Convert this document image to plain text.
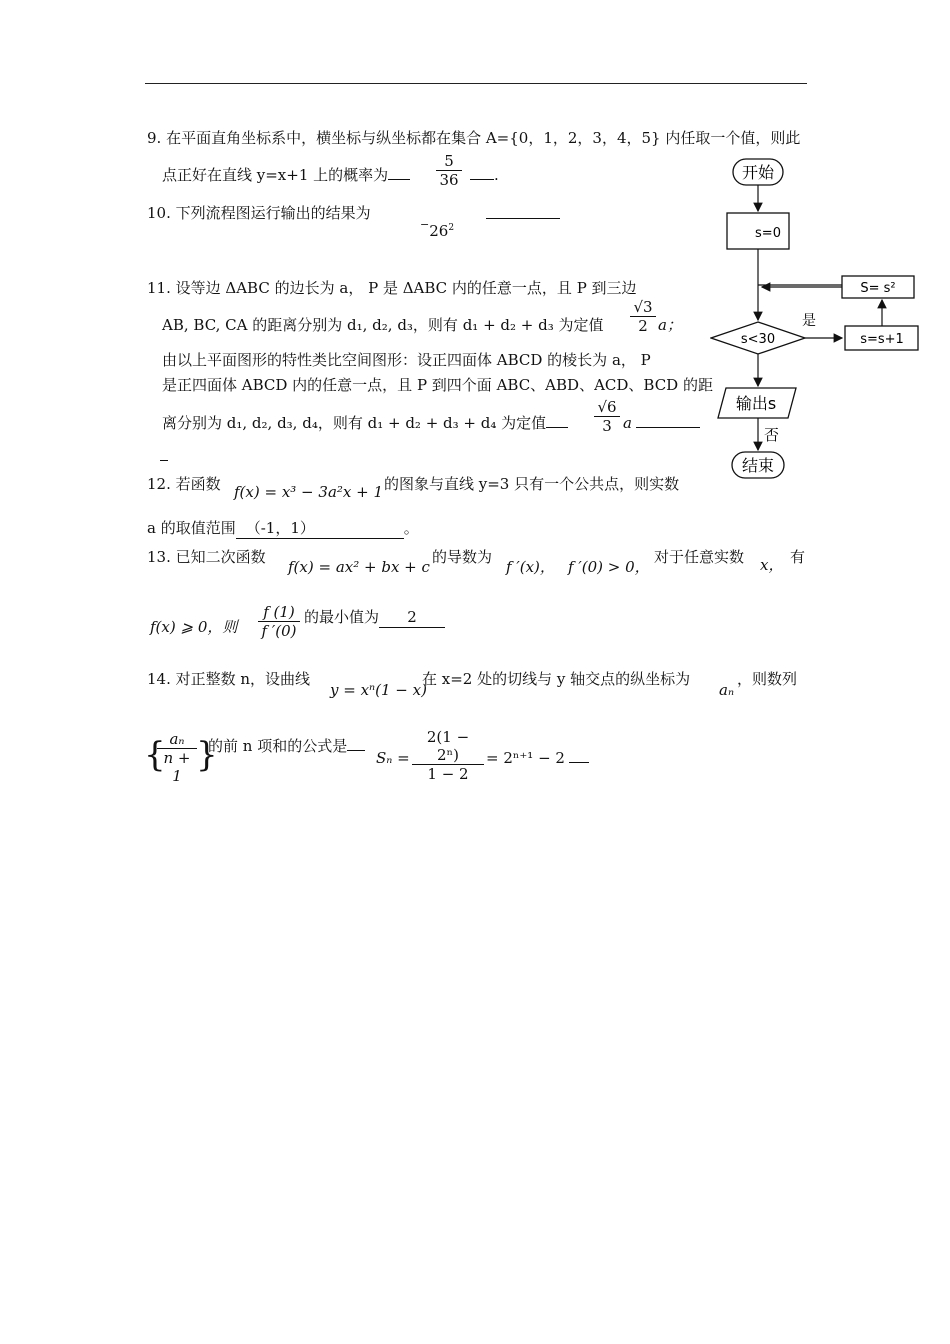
9. 在平面直角坐标系中，横坐标与纵坐标都在集合 A={0，1，2，3，4，5} 内任取一个值，则此
点正好在直线 y=x+1 上的概率为	$\frac{5}{36}$	.
10. 下列流程图运行输出的结果为
$^-26^2$
11. 设等边 ΔABC 的边长为 a， P 是 ΔABC 内的任意一点，且 P 到三边
AB, BC, CA 的距离分别为 d₁, d₂, d₃，则有 d₁ + d₂ + d₃ 为定值 $\frac{√3}{2}$ a；
由以上平面图形的特性类比空间图形：设正四面体 ABCD 的棱长为 a， P
是正四面体 ABCD 内的任意一点，且 P 到四个面 ABC、ABD、ACD、BCD 的距
离分别为 d₁, d₂, d₃, d₄，则有 d₁ + d₂ + d₃ + d₄ 为定值	$\frac{√6}{3}$ a
12. 若函数 f(x) = x³ − 3a²x + 1 的图象与直线 y=3 只有一个公共点，则实数
a 的取值范围 （-1，1）	。
13. 已知二次函数
f(x) = ax² + bx + c
的导数为
f ′(x)， f ′(0) > 0，
对于任意实数 x， 有
f(x) ⩾ 0，则 $\frac{f (1)}{f '(0)}$ 的最小值为 2
14. 对正整数 n，设曲线
y = xⁿ(1 − x)
在 x=2 处的切线与 y 轴交点的纵坐标为
aₙ
，则数列
{
$\frac{\text{aₙ}}{n + 1}$ }
的前 n 项和的公式是
$S_n = \frac{\text{2(1 − 2ⁿ)}}{1 - 2} = 2^{n+1} - 2$
开始
s=0
s<30
是
s=s+1
S= s²
输出s
否
结束
